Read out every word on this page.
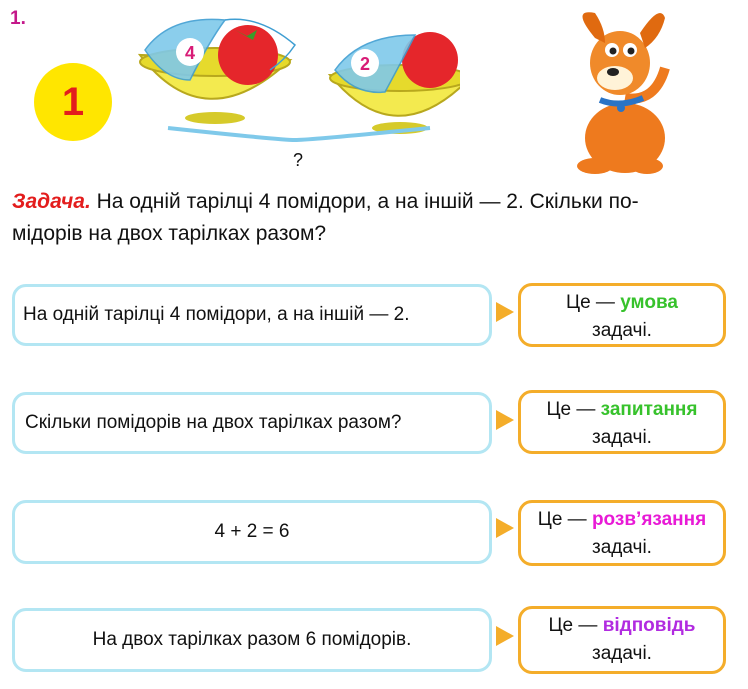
1.
1
4
2
?
Задача. На одній тарілці 4 помідори, а на іншій — 2. Скільки по-
мідорів на двох тарілках разом?
На одній тарілці 4 помідори, а на іншій — 2.
Це — умова
задачі.
Скільки помідорів на двох тарілках разом?
Це — запитання
задачі.
4 + 2 = 6
Це — розв’язання
задачі.
На двох тарілках разом 6 помідорів.
Це — відповідь
задачі.
